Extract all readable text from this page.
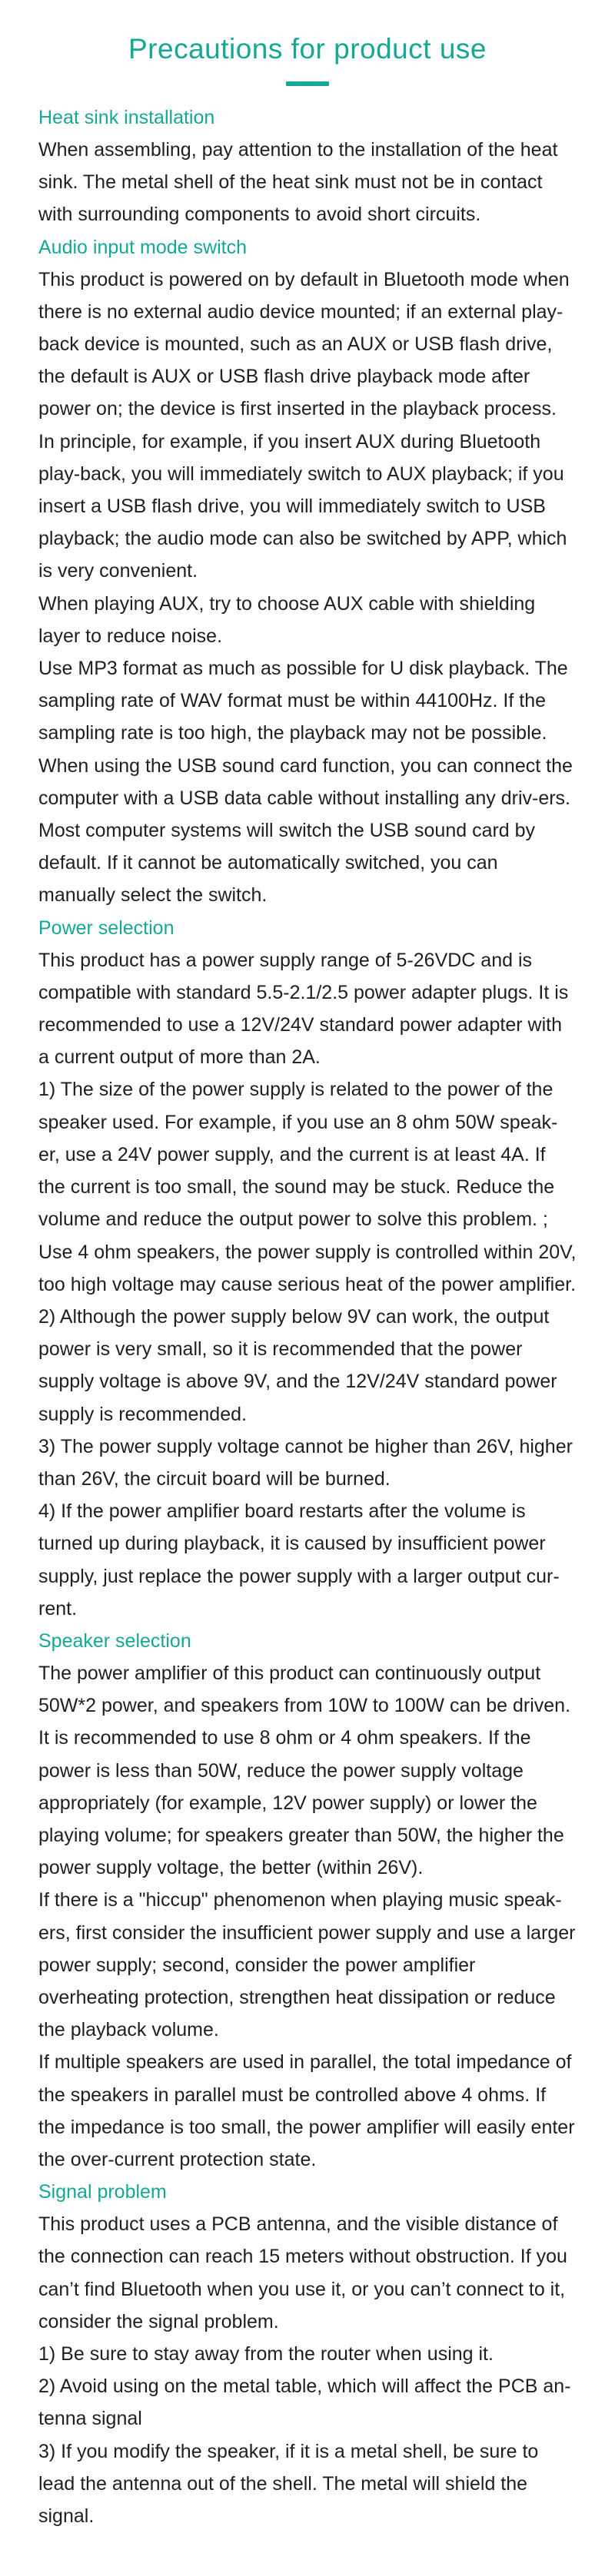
Precautions for product use
Heat sink installation

When assembling, pay attention to the installation of the heat sink. The metal shell of the heat sink must not be in contact with surrounding components to avoid short circuits.

Audio input mode switch

This product is powered on by default in Bluetooth mode when there is no external audio device mounted; if an external play-back device is mounted, such as an AUX or USB flash drive, the default is AUX or USB flash drive playback mode after power on; the device is first inserted in the playback process. In principle, for example, if you insert AUX during Bluetooth play-back, you will immediately switch to AUX playback; if you insert a USB flash drive, you will immediately switch to USB playback; the audio mode can also be switched by APP, which is very convenient.

When playing AUX, try to choose AUX cable with shielding layer to reduce noise.

Use MP3 format as much as possible for U disk playback. The sampling rate of WAV format must be within 44100Hz. If the sampling rate is too high, the playback may not be possible.

When using the USB sound card function, you can connect the computer with a USB data cable without installing any driv-ers. Most computer systems will switch the USB sound card by default. If it cannot be automatically switched, you can manually select the switch.

Power selection

This product has a power supply range of 5-26VDC and is compatible with standard 5.5-2.1/2.5 power adapter plugs. It is recommended to use a 12V/24V standard power adapter with a current output of more than 2A.

1) The size of the power supply is related to the power of the speaker used. For example, if you use an 8 ohm 50W speak-er, use a 24V power supply, and the current is at least 4A. If the current is too small, the sound may be stuck. Reduce the volume and reduce the output power to solve this problem. ; Use 4 ohm speakers, the power supply is controlled within 20V, too high voltage may cause serious heat of the power amplifier.

2) Although the power supply below 9V can work, the output power is very small, so it is recommended that the power supply voltage is above 9V, and the 12V/24V standard power supply is recommended.

3) The power supply voltage cannot be higher than 26V, higher than 26V, the circuit board will be burned.

4) If the power amplifier board restarts after the volume is turned up during playback, it is caused by insufficient power supply, just replace the power supply with a larger output cur-rent.

Speaker selection

The power amplifier of this product can continuously output 50W*2 power, and speakers from 10W to 100W can be driven. It is recommended to use 8 ohm or 4 ohm speakers. If the power is less than 50W, reduce the power supply voltage appropriately (for example, 12V power supply) or lower the playing volume; for speakers greater than 50W, the higher the power supply voltage, the better (within 26V).

If there is a "hiccup" phenomenon when playing music speak-ers, first consider the insufficient power supply and use a larger power supply; second, consider the power amplifier overheating protection, strengthen heat dissipation or reduce the playback volume.

If multiple speakers are used in parallel, the total impedance of the speakers in parallel must be controlled above 4 ohms. If the impedance is too small, the power amplifier will easily enter the over-current protection state.

Signal problem

This product uses a PCB antenna, and the visible distance of the connection can reach 15 meters without obstruction. If you can’t find Bluetooth when you use it, or you can’t connect to it, consider the signal problem.

1) Be sure to stay away from the router when using it.

2) Avoid using on the metal table, which will affect the PCB an-tenna signal

3) If you modify the speaker, if it is a metal shell, be sure to lead the antenna out of the shell. The metal will shield the signal.
